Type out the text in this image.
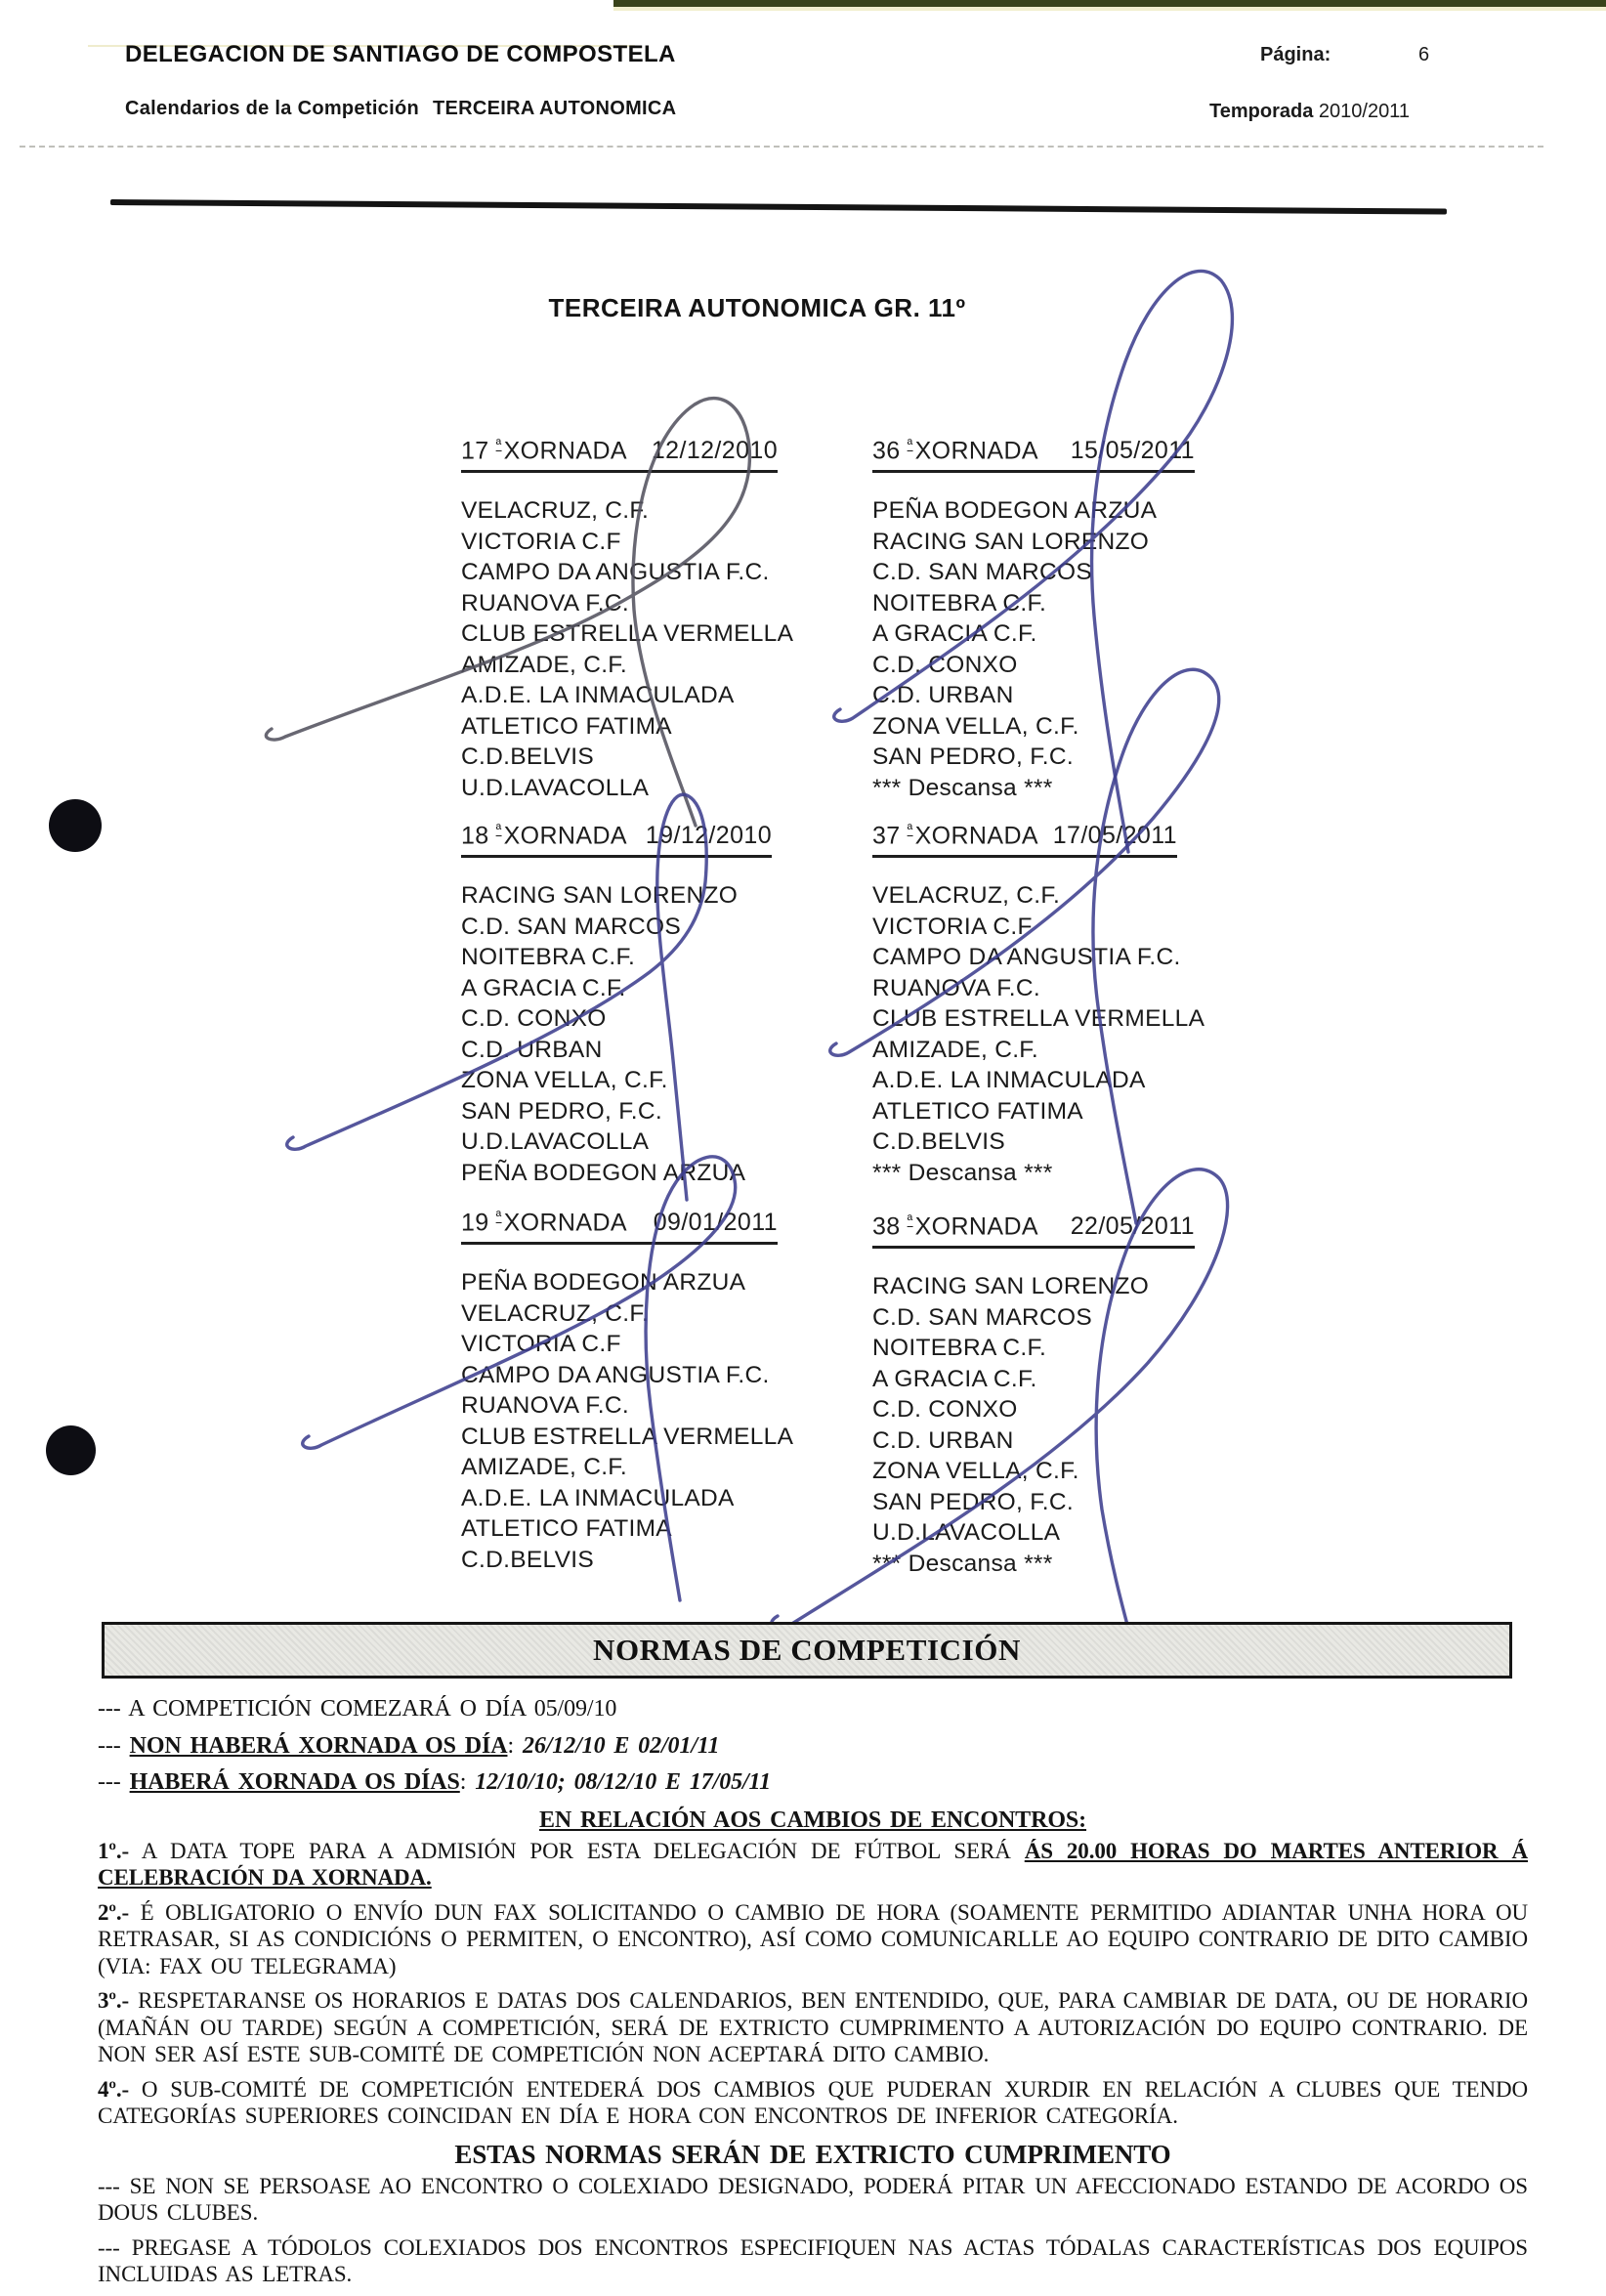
DELEGACION DE SANTIAGO DE COMPOSTELA	Página:	6
Calendarios de la Competición TERCEIRA AUTONOMICA	Temporada 2010/2011
TERCEIRA AUTONOMICA GR. 11º
17 $^ª$XORNADA 12/12/2010
VELACRUZ, C.F.
VICTORIA C.F
CAMPO DA ANGUSTIA F.C.
RUANOVA F.C.
CLUB ESTRELLA VERMELLA
AMIZADE, C.F.
A.D.E. LA INMACULADA
ATLETICO FATIMA
C.D.BELVIS
U.D.LAVACOLLA
36 $^ª$XORNADA 15/05/2011
PEÑA BODEGON ARZUA
RACING SAN LORENZO
C.D. SAN MARCOS
NOITEBRA C.F.
A GRACIA C.F.
C.D. CONXO
C.D. URBAN
ZONA VELLA, C.F.
SAN PEDRO, F.C.
*** Descansa ***
18 $^ª$XORNADA 19/12/2010
RACING SAN LORENZO
C.D. SAN MARCOS
NOITEBRA C.F.
A GRACIA C.F.
C.D. CONXO
C.D. URBAN
ZONA VELLA, C.F.
SAN PEDRO, F.C.
U.D.LAVACOLLA
PEÑA BODEGON ARZUA
37 $^ª$XORNADA 17/05/2011
VELACRUZ, C.F.
VICTORIA C.F
CAMPO DA ANGUSTIA F.C.
RUANOVA F.C.
CLUB ESTRELLA VERMELLA
AMIZADE, C.F.
A.D.E. LA INMACULADA
ATLETICO FATIMA
C.D.BELVIS
*** Descansa ***
19 $^ª$XORNADA 09/01/2011
PEÑA BODEGON ARZUA
VELACRUZ, C.F.
VICTORIA C.F
CAMPO DA ANGUSTIA F.C.
RUANOVA F.C.
CLUB ESTRELLA VERMELLA
AMIZADE, C.F.
A.D.E. LA INMACULADA
ATLETICO FATIMA
C.D.BELVIS
38 $^ª$XORNADA 22/05/2011
RACING SAN LORENZO
C.D. SAN MARCOS
NOITEBRA C.F.
A GRACIA C.F.
C.D. CONXO
C.D. URBAN
ZONA VELLA, C.F.
SAN PEDRO, F.C.
U.D.LAVACOLLA
*** Descansa ***
NORMAS DE COMPETICIÓN
--- A COMPETICIÓN COMEZARÁ O DÍA 05/09/10
--- NON HABERÁ XORNADA OS DÍA: 26/12/10 E 02/01/11
--- HABERÁ XORNADA OS DÍAS: 12/10/10; 08/12/10 E 17/05/11
EN RELACIÓN AOS CAMBIOS DE ENCONTROS:
1º.- A DATA TOPE PARA A ADMISIÓN POR ESTA DELEGACIÓN DE FÚTBOL SERÁ ÁS 20.00 HORAS DO MARTES ANTERIOR Á CELEBRACIÓN DA XORNADA.
2º.- É OBLIGATORIO O ENVÍO DUN FAX SOLICITANDO O CAMBIO DE HORA (SOAMENTE PERMITIDO ADIANTAR UNHA HORA OU RETRASAR, SI AS CONDICIÓNS O PERMITEN, O ENCONTRO), ASÍ COMO COMUNICARLLE AO EQUIPO CONTRARIO DE DITO CAMBIO (VIA: FAX OU TELEGRAMA)
3º.- RESPETARANSE OS HORARIOS E DATAS DOS CALENDARIOS, BEN ENTENDIDO, QUE, PARA CAMBIAR DE DATA, OU DE HORARIO (MAÑÁN OU TARDE) SEGÚN A COMPETICIÓN, SERÁ DE EXTRICTO CUMPRIMENTO A AUTORIZACIÓN DO EQUIPO CONTRARIO. DE NON SER ASÍ ESTE SUB-COMITÉ DE COMPETICIÓN NON ACEPTARÁ DITO CAMBIO.
4º.- O SUB-COMITÉ DE COMPETICIÓN ENTEDERÁ DOS CAMBIOS QUE PUDERAN XURDIR EN RELACIÓN A CLUBES QUE TENDO CATEGORÍAS SUPERIORES COINCIDAN EN DÍA E HORA CON ENCONTROS DE INFERIOR CATEGORÍA.
ESTAS NORMAS SERÁN DE EXTRICTO CUMPRIMENTO
--- SE NON SE PERSOASE AO ENCONTRO O COLEXIADO DESIGNADO, PODERÁ PITAR UN AFECCIONADO ESTANDO DE ACORDO OS DOUS CLUBES.
--- PREGASE A TÓDOLOS COLEXIADOS DOS ENCONTROS ESPECIFIQUEN NAS ACTAS TÓDALAS CARACTERÍSTICAS DOS EQUIPOS INCLUIDAS AS LETRAS.
